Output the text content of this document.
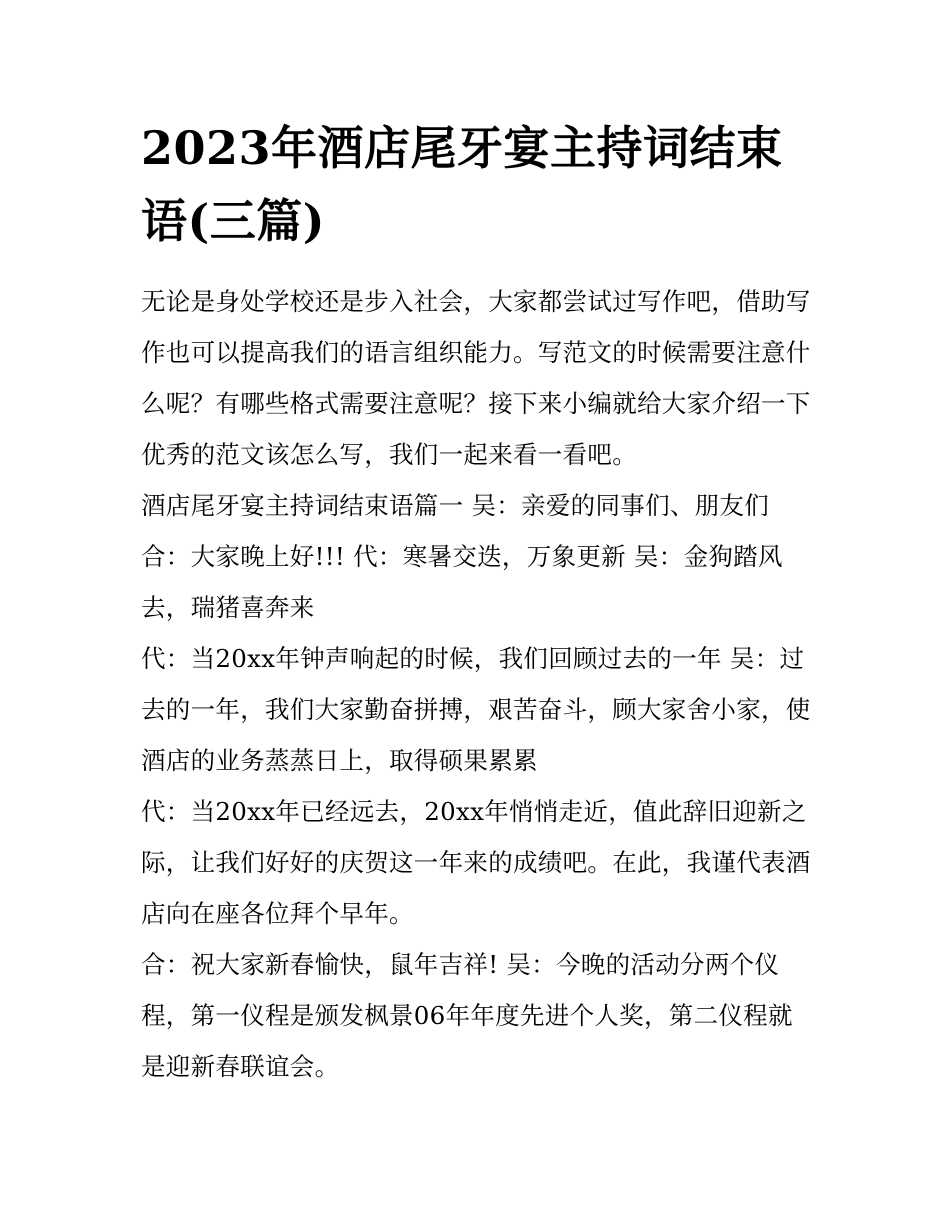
2023年酒店尾牙宴主持词结束
语(三篇)
无论是身处学校还是步入社会，大家都尝试过写作吧，借助写
作也可以提高我们的语言组织能力。写范文的时候需要注意什
么呢？有哪些格式需要注意呢？接下来小编就给大家介绍一下
优秀的范文该怎么写，我们一起来看一看吧。
酒店尾牙宴主持词结束语篇一 吴：亲爱的同事们、朋友们
合：大家晚上好!!! 代：寒暑交迭，万象更新 吴：金狗踏风
去，瑞猪喜奔来
代：当20xx年钟声响起的时候，我们回顾过去的一年 吴：过
去的一年，我们大家勤奋拼搏，艰苦奋斗，顾大家舍小家，使
酒店的业务蒸蒸日上，取得硕果累累
代：当20xx年已经远去，20xx年悄悄走近，值此辞旧迎新之
际，让我们好好的庆贺这一年来的成绩吧。在此，我谨代表酒
店向在座各位拜个早年。
合：祝大家新春愉快，鼠年吉祥! 吴：今晚的活动分两个仪
程，第一仪程是颁发枫景06年年度先进个人奖，第二仪程就
是迎新春联谊会。
